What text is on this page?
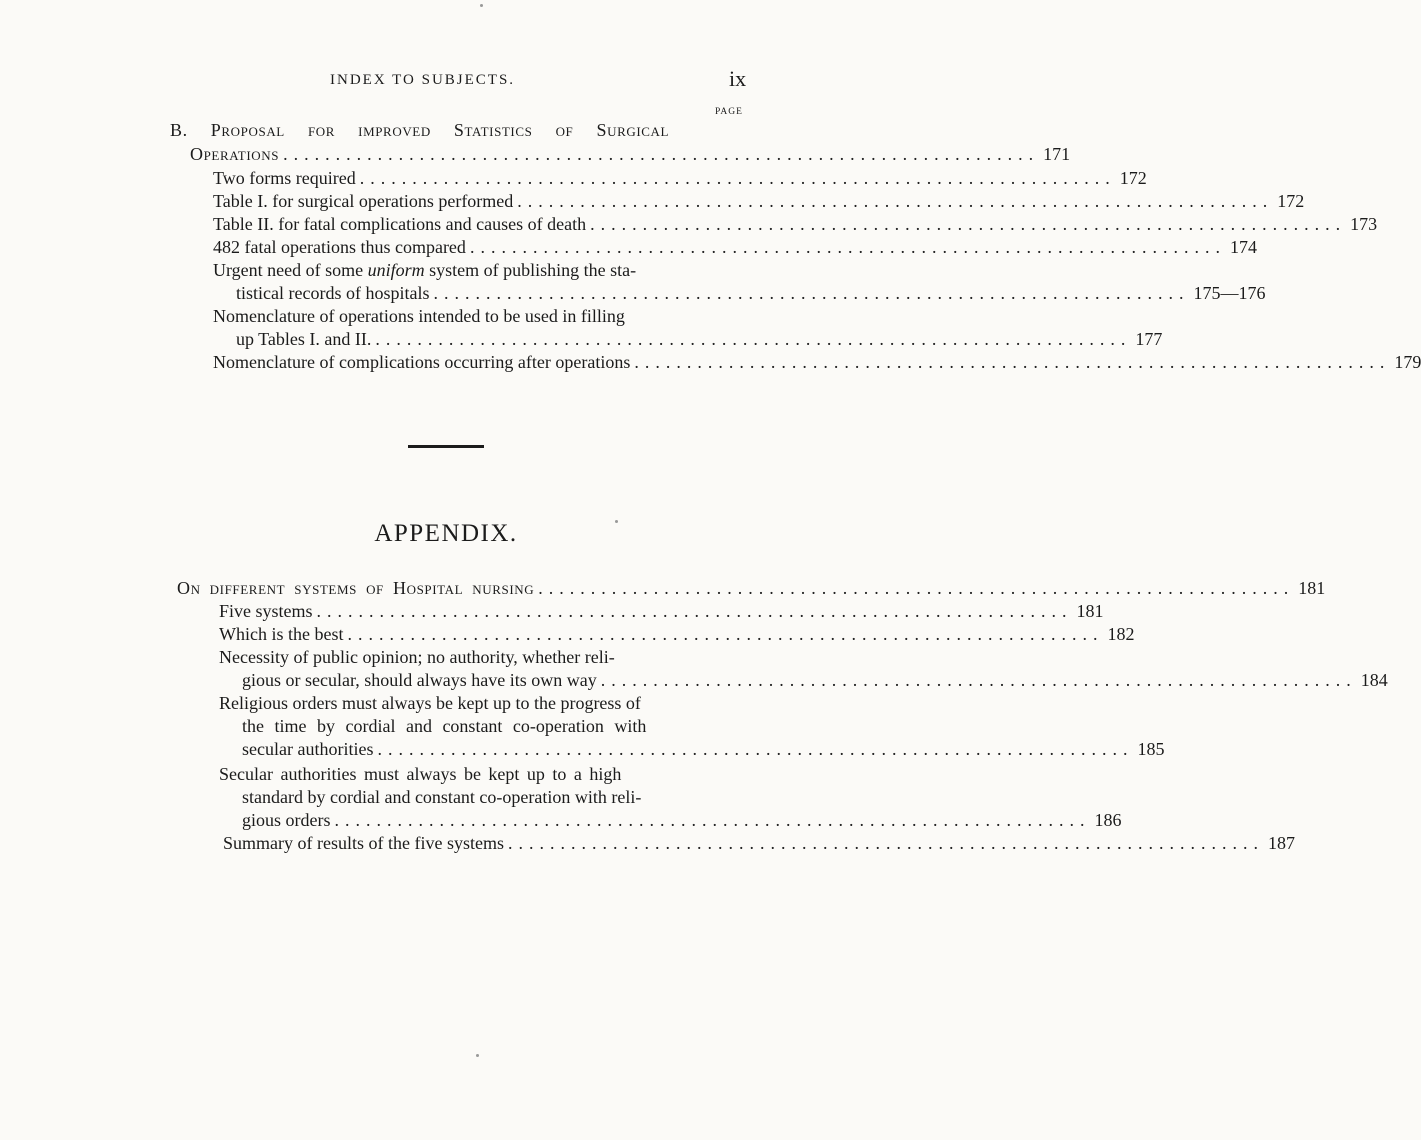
INDEX TO SUBJECTS.	ix
PAGE
B. Proposal for improved Statistics of Surgical
Operations ........................................................................ 171
Two forms required ........................................................................ 172
Table I. for surgical operations performed ........................................................................ 172
Table II. for fatal complications and causes of death ........................................................................ 173
482 fatal operations thus compared ........................................................................ 174
Urgent need of some uniform system of publishing the sta-
tistical records of hospitals ........................................................................ 175—176
Nomenclature of operations intended to be used in filling
up Tables I. and II. ........................................................................ 177
Nomenclature of complications occurring after operations ........................................................................ 179
APPENDIX.
On different systems of Hospital nursing ........................................................................ 181
Five systems ........................................................................ 181
Which is the best ........................................................................ 182
Necessity of public opinion; no authority, whether reli-
gious or secular, should always have its own way ........................................................................ 184
Religious orders must always be kept up to the progress of
the time by cordial and constant co-operation with
secular authorities ........................................................................ 185
Secular authorities must always be kept up to a high
standard by cordial and constant co-operation with reli-
gious orders ........................................................................ 186
Summary of results of the five systems ........................................................................ 187
